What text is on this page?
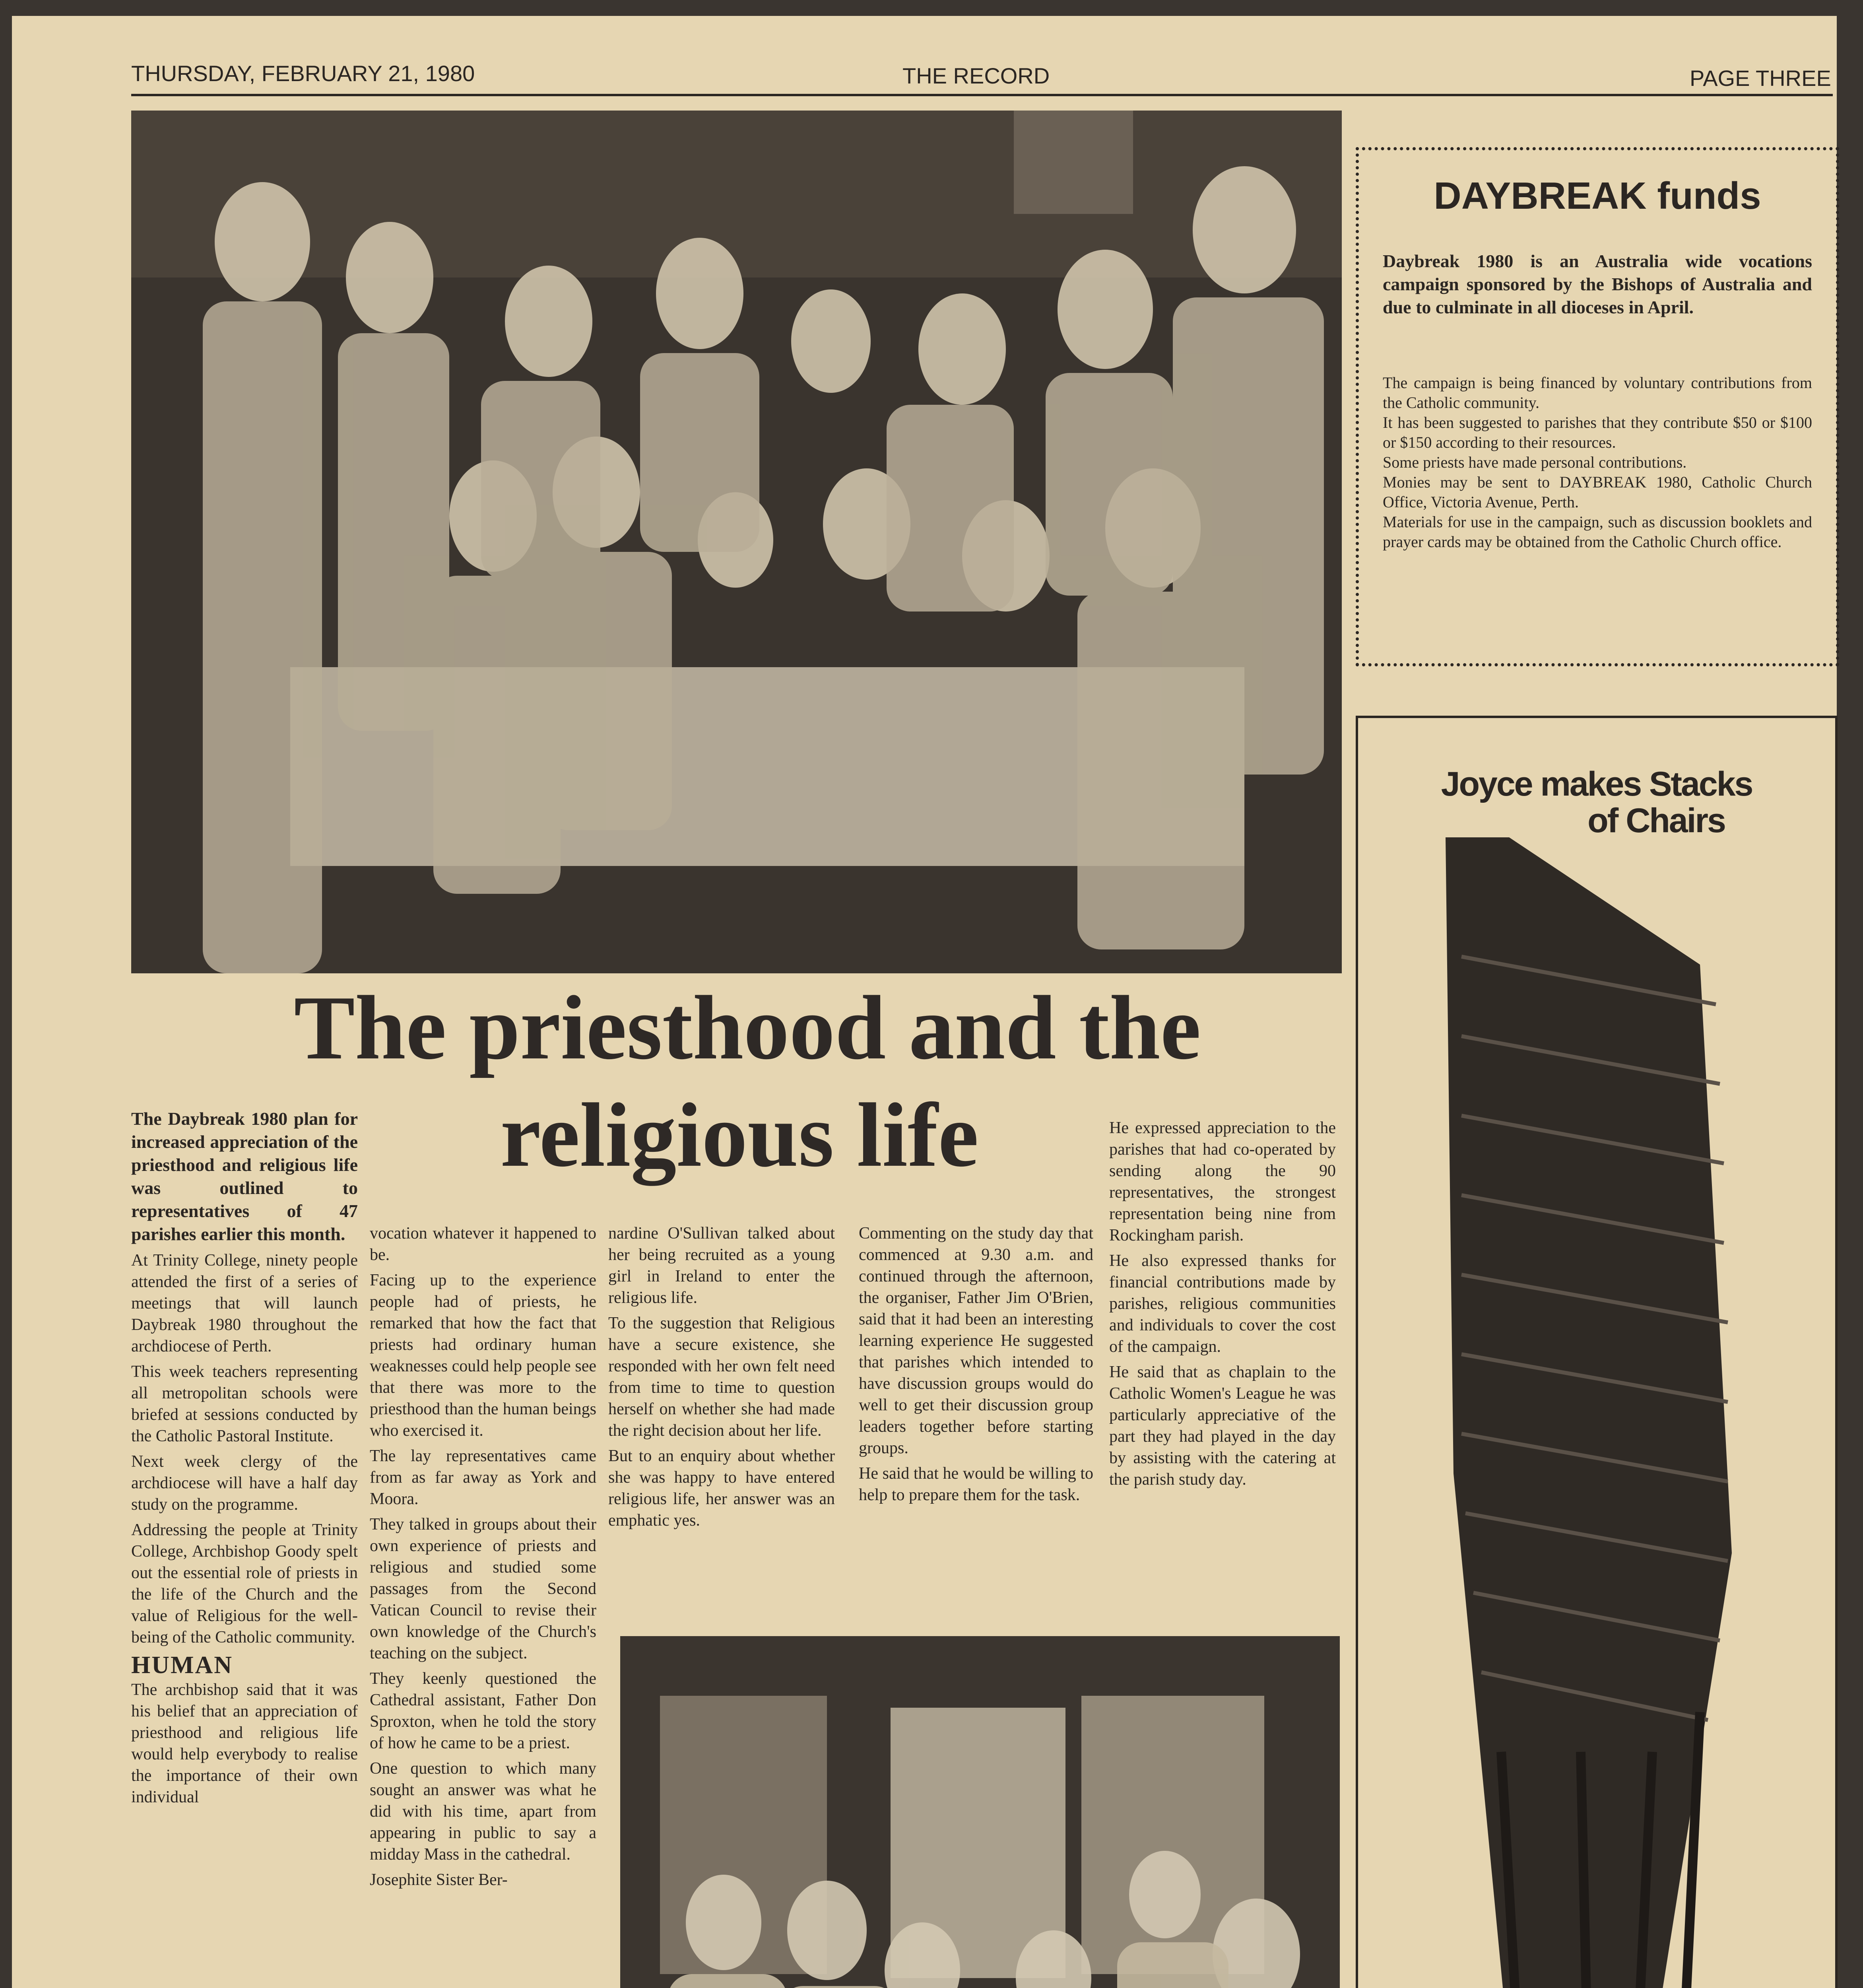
THURSDAY, FEBRUARY 21, 1980	THE RECORD	PAGE THREE
The priesthood and the
religious life

The Daybreak 1980 plan for increased appreciation of the priesthood and religious life was outlined to representatives of 47 parishes earlier this month.

At Trinity College, ninety people attended the first of a series of meetings that will launch Daybreak 1980 throughout the archdiocese of Perth.

This week teachers representing all metropolitan schools were briefed at sessions conducted by the Catholic Pastoral Institute.

Next week clergy of the archdiocese will have a half day study on the programme.

Addressing the people at Trinity College, Archbishop Goody spelt out the essential role of priests in the life of the Church and the value of Religious for the well-being of the Catholic community.

HUMAN

The archbishop said that it was his belief that an appreciation of priesthood and religious life would help everybody to realise the importance of their own individual

vocation whatever it happened to be.

Facing up to the experience people had of priests, he remarked that how the fact that priests had ordinary human weaknesses could help people see that there was more to the priesthood than the human beings who exercised it.

The lay representatives came from as far away as York and Moora.

They talked in groups about their own experience of priests and religious and studied some passages from the Second Vatican Council to revise their own knowledge of the Church's teaching on the subject.

They keenly questioned the Cathedral assistant, Father Don Sproxton, when he told the story of how he came to be a priest.

One question to which many sought an answer was what he did with his time, apart from appearing in public to say a midday Mass in the cathedral.

Josephite Sister Ber-

nardine O'Sullivan talked about her being recruited as a young girl in Ireland to enter the religious life.

To the suggestion that Religious have a secure existence, she responded with her own felt need from time to time to question herself on whether she had made the right decision about her life.

But to an enquiry about whether she was happy to have entered religious life, her answer was an emphatic yes.

Commenting on the study day that commenced at 9.30 a.m. and continued through the afternoon, the organiser, Father Jim O'Brien, said that it had been an interesting learning experience He suggested that parishes which intended to have discussion groups would do well to get their discussion group leaders together before starting groups.

He said that he would be willing to help to prepare them for the task.

He expressed appreciation to the parishes that had co-operated by sending along the 90 representatives, the strongest representation being nine from Rockingham parish.

He also expressed thanks for financial contributions made by parishes, religious communities and individuals to cover the cost of the campaign.

He said that as chaplain to the Catholic Women's League he was particularly appreciative of the part they had played in the day by assisting with the catering at the parish study day.

DAYBREAK funds
Daybreak 1980 is an Australia wide vocations campaign sponsored by the Bishops of Australia and due to culminate in all dioceses in April.
The campaign is being financed by voluntary contributions from the Catholic community.
It has been suggested to parishes that they contribute $50 or $100 or $150 according to their resources.
Some priests have made personal contributions.
Monies may be sent to DAYBREAK 1980, Catholic Church Office, Victoria Avenue, Perth.
Materials for use in the campaign, such as discussion booklets and prayer cards may be obtained from the Catholic Church office.
Joyce makes Stacks
of Chairs
